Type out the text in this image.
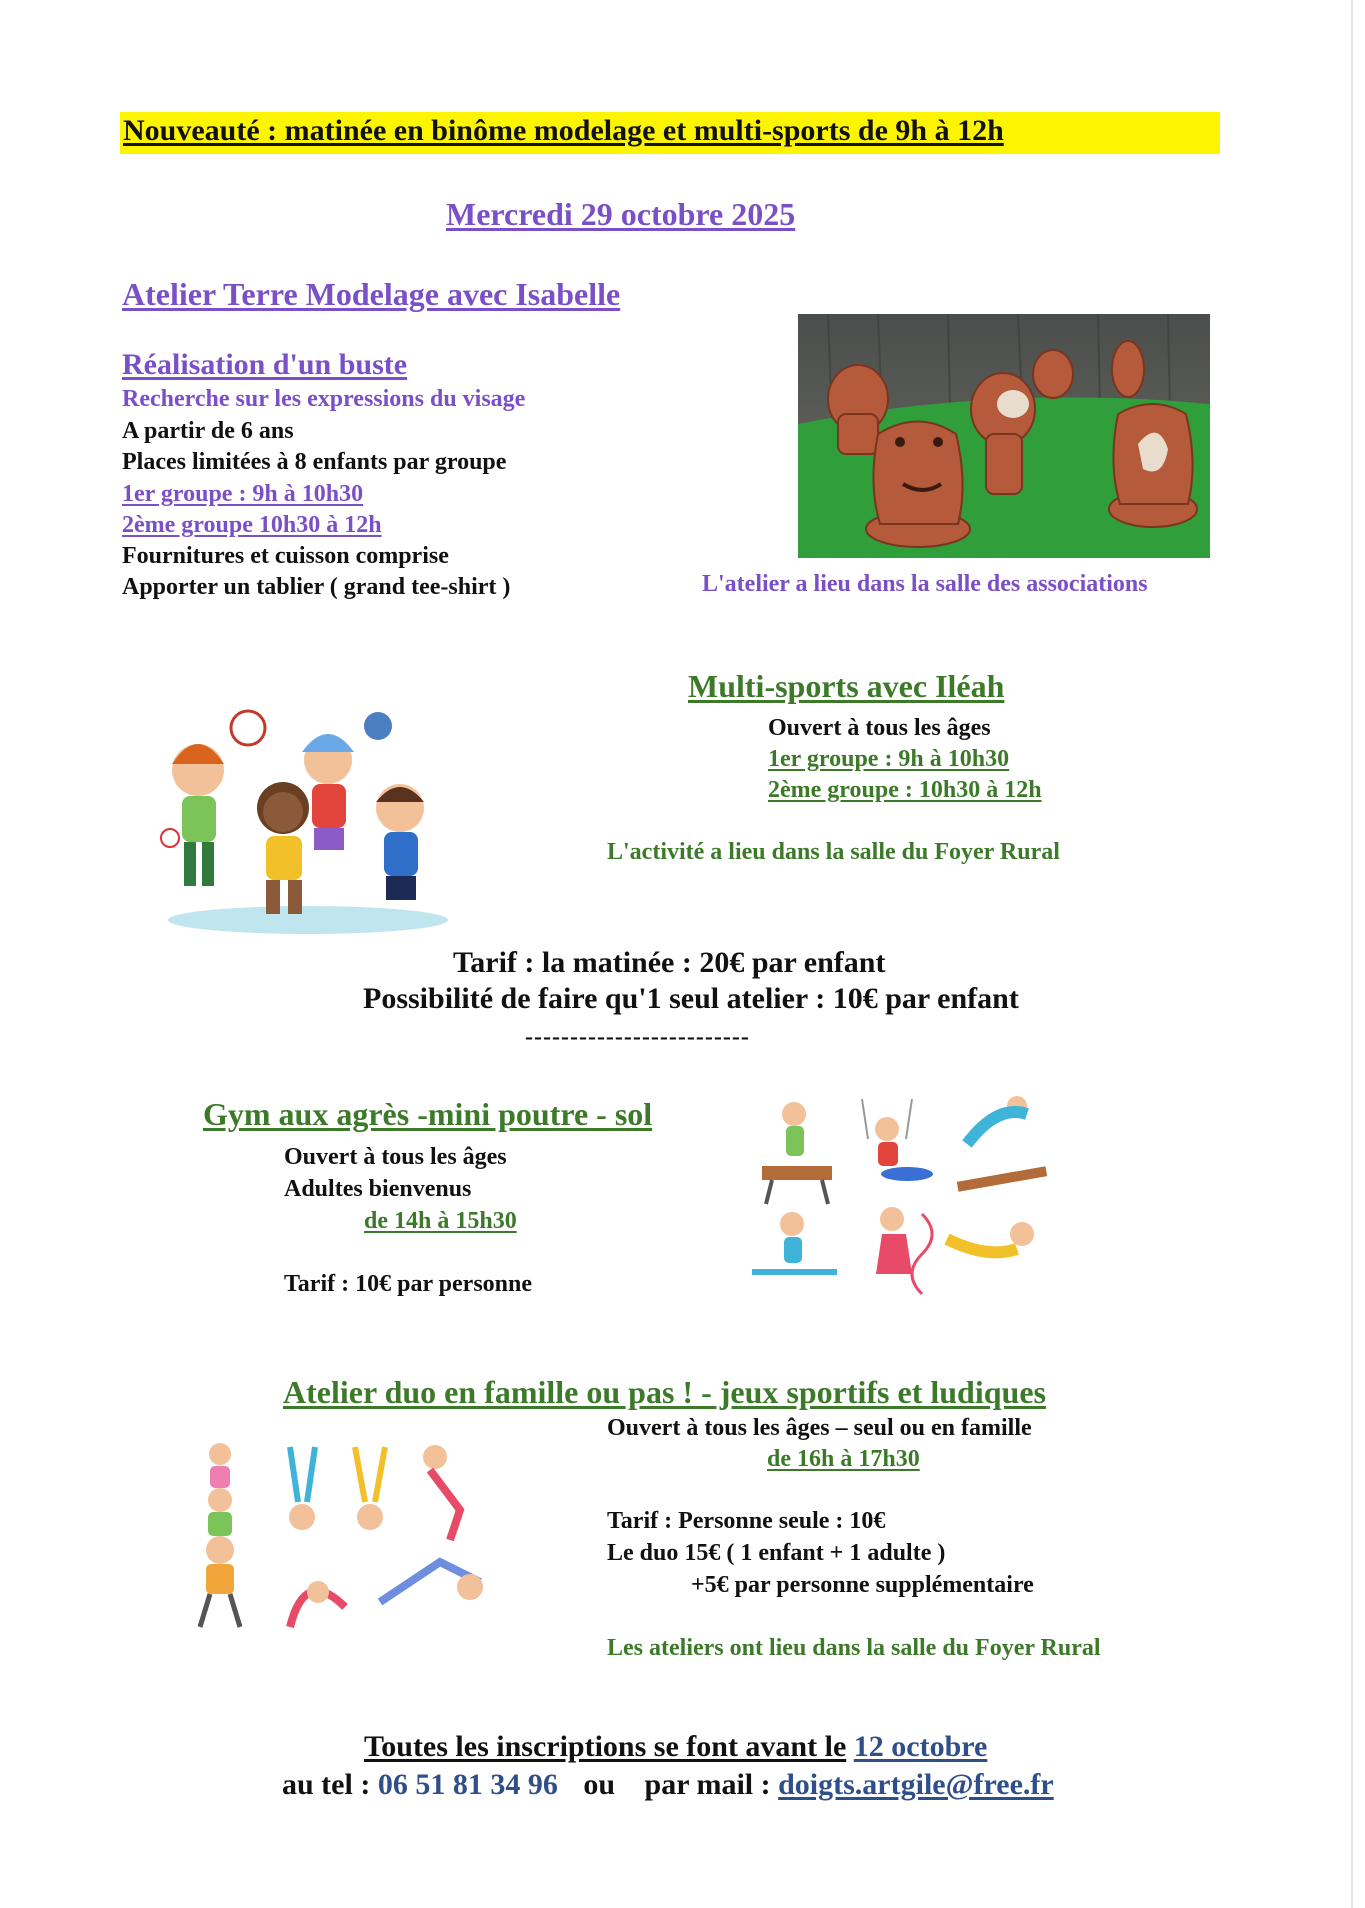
Nouveauté : matinée en binôme modelage et multi-sports de 9h à 12h
Mercredi 29 octobre 2025
Atelier Terre Modelage avec Isabelle
Réalisation d'un buste
Recherche sur les expressions du visage
A partir de 6 ans
Places limitées à 8 enfants par groupe
1er groupe : 9h à 10h30
2ème groupe 10h30 à 12h
Fournitures et cuisson comprise
Apporter un tablier ( grand tee-shirt )	L'atelier a lieu dans la salle des associations
Multi-sports avec Iléah
Ouvert à tous les âges
1er groupe : 9h à 10h30
2ème groupe : 10h30 à 12h
L'activité a lieu dans la salle du Foyer Rural
Tarif : la matinée : 20€ par enfant
Possibilité de faire qu'1 seul atelier : 10€ par enfant
-------------------------
Gym aux agrès -mini poutre - sol
Ouvert à tous les âges
Adultes bienvenus
de 14h à 15h30
Tarif : 10€ par personne
Atelier duo en famille ou pas ! - jeux sportifs et ludiques
Ouvert à tous les âges – seul ou en famille
de 16h à 17h30
Tarif : Personne seule : 10€
Le duo 15€ ( 1 enfant + 1 adulte )
+5€ par personne supplémentaire
Les ateliers ont lieu dans la salle du Foyer Rural
Toutes les inscriptions se font avant le 12 octobre
au tel : 06 51 81 34 96 ou par mail : doigts.artgile@free.fr
